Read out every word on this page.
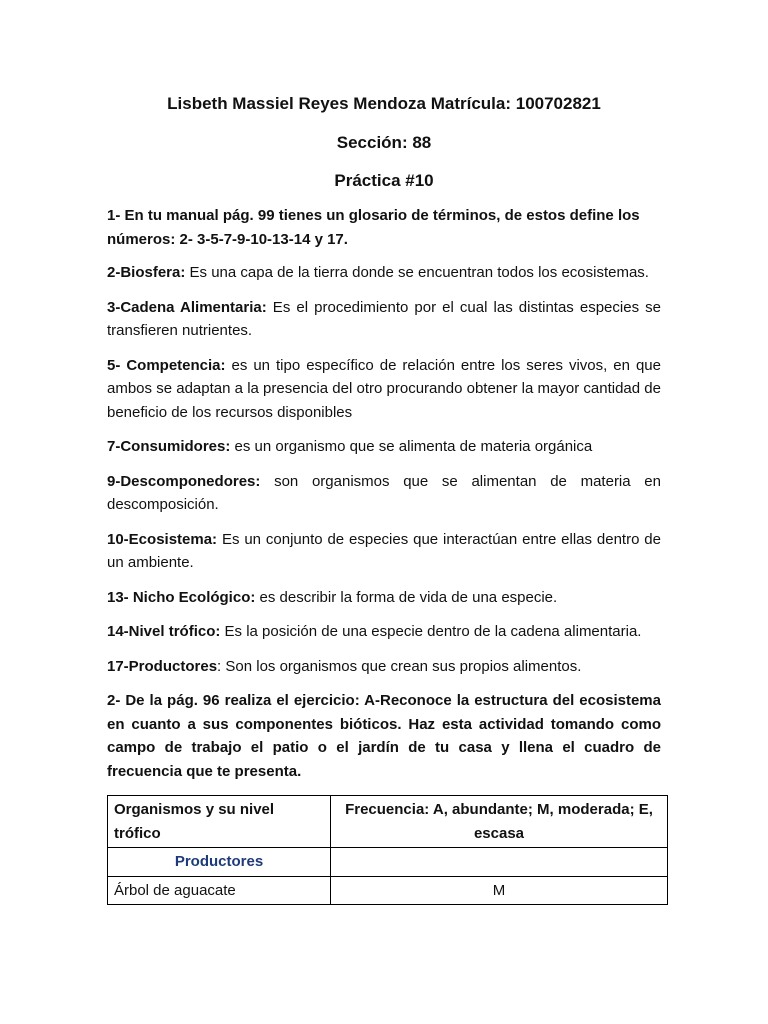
Lisbeth Massiel Reyes Mendoza Matrícula: 100702821
Sección: 88
Práctica #10

1- En tu manual pág. 99 tienes un glosario de términos, de estos define los
números: 2- 3-5-7-9-10-13-14 y 17.

2-Biosfera: Es una capa de la tierra donde se encuentran todos los ecosistemas.

3-Cadena Alimentaria: Es el procedimiento por el cual las distintas especies se transfieren nutrientes.

5- Competencia: es un tipo específico de relación entre los seres vivos, en que ambos se adaptan a la presencia del otro procurando obtener la mayor cantidad de beneficio de los recursos disponibles

7-Consumidores: es un organismo que se alimenta de materia orgánica

9-Descomponedores: son organismos que se alimentan de materia en descomposición.

10-Ecosistema: Es un conjunto de especies que interactúan entre ellas dentro de un ambiente.

13- Nicho Ecológico: es describir la forma de vida de una especie.

14-Nivel trófico: Es la posición de una especie dentro de la cadena alimentaria.

17-Productores: Son los organismos que crean sus propios alimentos.

2- De la pág. 96 realiza el ejercicio: A-Reconoce la estructura del ecosistema en cuanto a sus componentes bióticos. Haz esta actividad tomando como campo de trabajo el patio o el jardín de tu casa y llena el cuadro de frecuencia que te presenta.

Organismos y su nivel trófico	Frecuencia: A, abundante; M, moderada; E, escasa
Productores	
Árbol de aguacate	M
